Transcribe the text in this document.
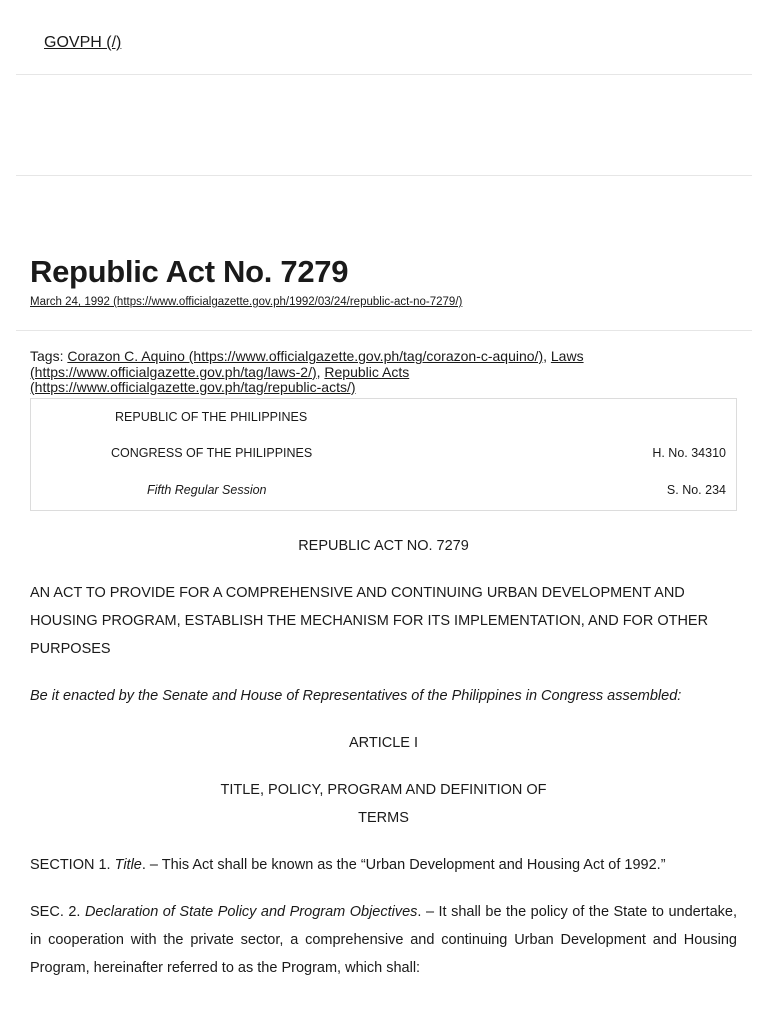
GOVPH (/)
Republic Act No. 7279
March 24, 1992 (https://www.officialgazette.gov.ph/1992/03/24/republic-act-no-7279/)
Tags: Corazon C. Aquino (https://www.officialgazette.gov.ph/tag/corazon-c-aquino/), Laws (https://www.officialgazette.gov.ph/tag/laws-2/), Republic Acts (https://www.officialgazette.gov.ph/tag/republic-acts/)
REPUBLIC OF THE PHILIPPINES
CONGRESS OF THE PHILIPPINES	H. No. 34310
Fifth Regular Session	S. No. 234

REPUBLIC ACT NO. 7279

AN ACT TO PROVIDE FOR A COMPREHENSIVE AND CONTINUING URBAN DEVELOPMENT AND HOUSING PROGRAM, ESTABLISH THE MECHANISM FOR ITS IMPLEMENTATION, AND FOR OTHER PURPOSES

Be it enacted by the Senate and House of Representatives of the Philippines in Congress assembled:

ARTICLE I

TITLE, POLICY, PROGRAM AND DEFINITION OF
TERMS

SECTION 1. Title. – This Act shall be known as the “Urban Development and Housing Act of 1992.”

SEC. 2. Declaration of State Policy and Program Objectives. – It shall be the policy of the State to undertake, in cooperation with the private sector, a comprehensive and continuing Urban Development and Housing Program, hereinafter referred to as the Program, which shall:
